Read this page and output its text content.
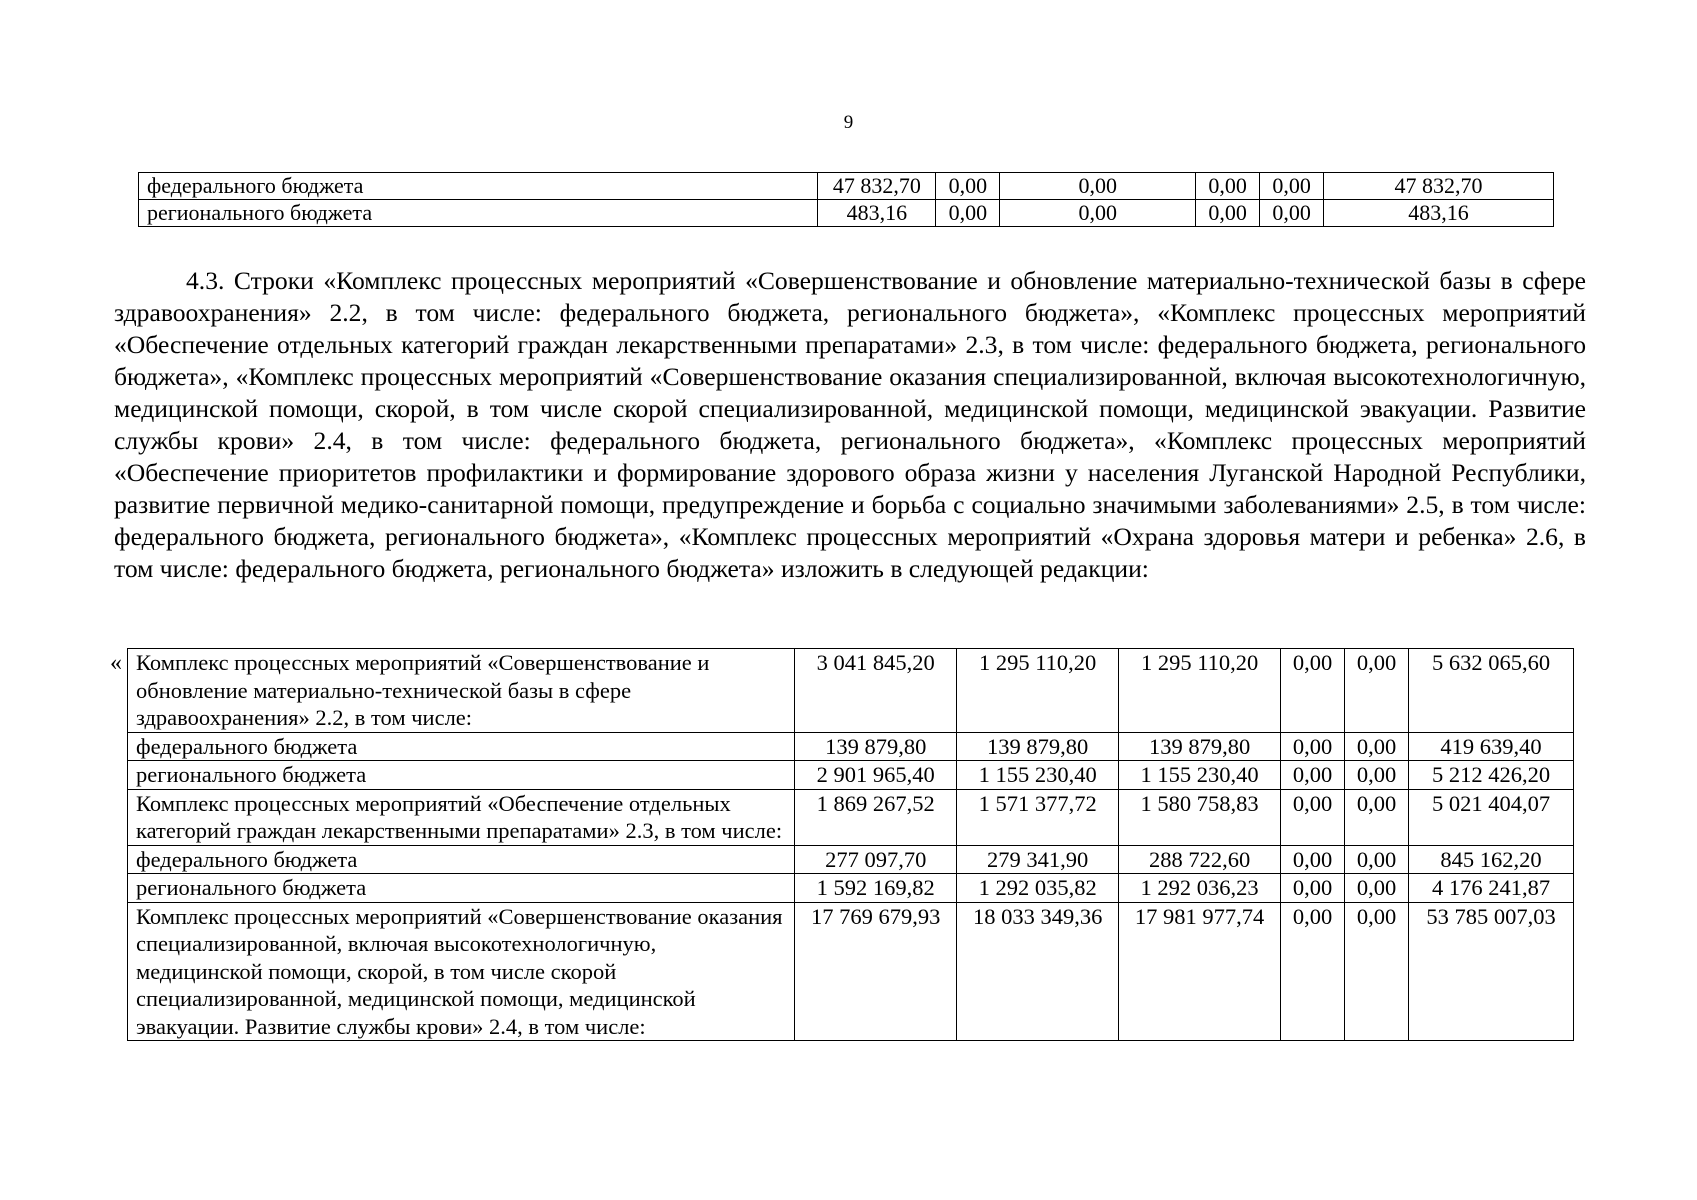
9
федерального бюджета	47 832,70	0,00	0,00	0,00	0,00	47 832,70
регионального бюджета	483,16	0,00	0,00	0,00	0,00	483,16

4.3. Строки «Комплекс процессных мероприятий «Совершенствование и обновление материально-технической базы в сфере здравоохранения» 2.2, в том числе: федерального бюджета, регионального бюджета», «Комплекс процессных мероприятий «Обеспечение отдельных категорий граждан лекарственными препаратами» 2.3, в том числе: федерального бюджета, регионального бюджета», «Комплекс процессных мероприятий «Совершенствование оказания специализированной, включая высокотехнологичную, медицинской помощи, скорой, в том числе скорой специализированной, медицинской помощи, медицинской эвакуации. Развитие службы крови» 2.4, в том числе: федерального бюджета, регионального бюджета», «Комплекс процессных мероприятий «Обеспечение приоритетов профилактики и формирование здорового образа жизни у населения Луганской Народной Республики, развитие первичной медико-санитарной помощи, предупреждение и борьба с социально значимыми заболеваниями» 2.5, в том числе: федерального бюджета, регионального бюджета», «Комплекс процессных мероприятий «Охрана здоровья матери и ребенка» 2.6, в том числе: федерального бюджета, регионального бюджета» изложить в следующей редакции:

« Комплекс процессных мероприятий «Совершенствование и обновление материально-технической базы в сфере здравоохранения» 2.2, в том числе:	3 041 845,20	1 295 110,20	1 295 110,20	0,00	0,00	5 632 065,60
федерального бюджета	139 879,80	139 879,80	139 879,80	0,00	0,00	419 639,40
регионального бюджета	2 901 965,40	1 155 230,40	1 155 230,40	0,00	0,00	5 212 426,20
Комплекс процессных мероприятий «Обеспечение отдельных категорий граждан лекарственными препаратами» 2.3, в том числе:	1 869 267,52	1 571 377,72	1 580 758,83	0,00	0,00	5 021 404,07
федерального бюджета	277 097,70	279 341,90	288 722,60	0,00	0,00	845 162,20
регионального бюджета	1 592 169,82	1 292 035,82	1 292 036,23	0,00	0,00	4 176 241,87
Комплекс процессных мероприятий «Совершенствование оказания специализированной, включая высокотехнологичную, медицинской помощи, скорой, в том числе скорой специализированной, медицинской помощи, медицинской эвакуации. Развитие службы крови» 2.4, в том числе:	17 769 679,93	18 033 349,36	17 981 977,74	0,00	0,00	53 785 007,03
